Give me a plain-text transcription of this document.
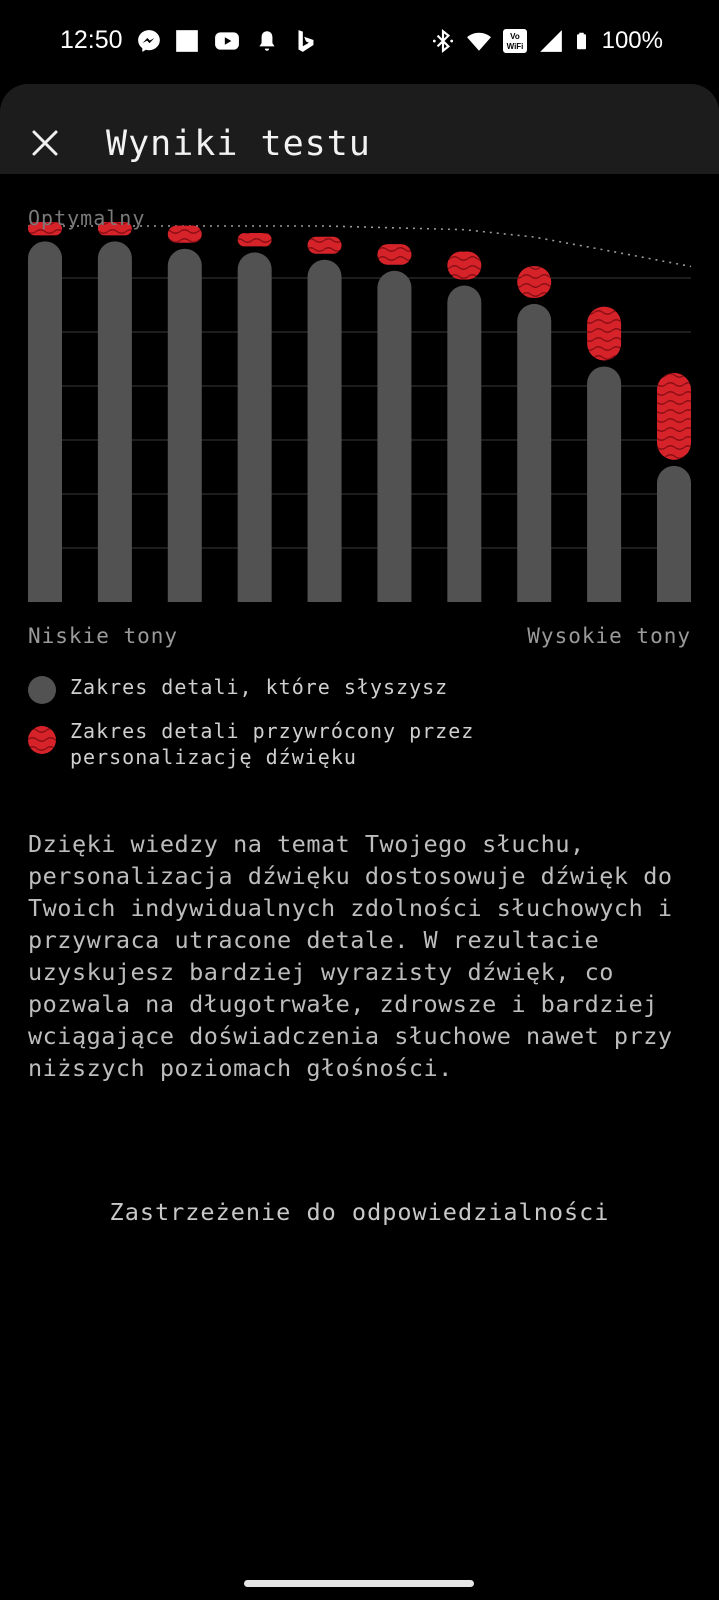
12:50	Vo
WiFi	100%
Wyniki testu
Optymalny
Niskie tony	Wysokie tony
Zakres detali, które słyszysz
Zakres detali przywrócony przez personalizację dźwięku

Dzięki wiedzy na temat Twojego słuchu, personalizacja dźwięku dostosowuje dźwięk do Twoich indywidualnych zdolności słuchowych i przywraca utracone detale. W rezultacie uzyskujesz bardziej wyrazisty dźwięk, co pozwala na długotrwałe, zdrowsze i bardziej wciągające doświadczenia słuchowe nawet przy niższych poziomach głośności.

Zastrzeżenie do odpowiedzialności
